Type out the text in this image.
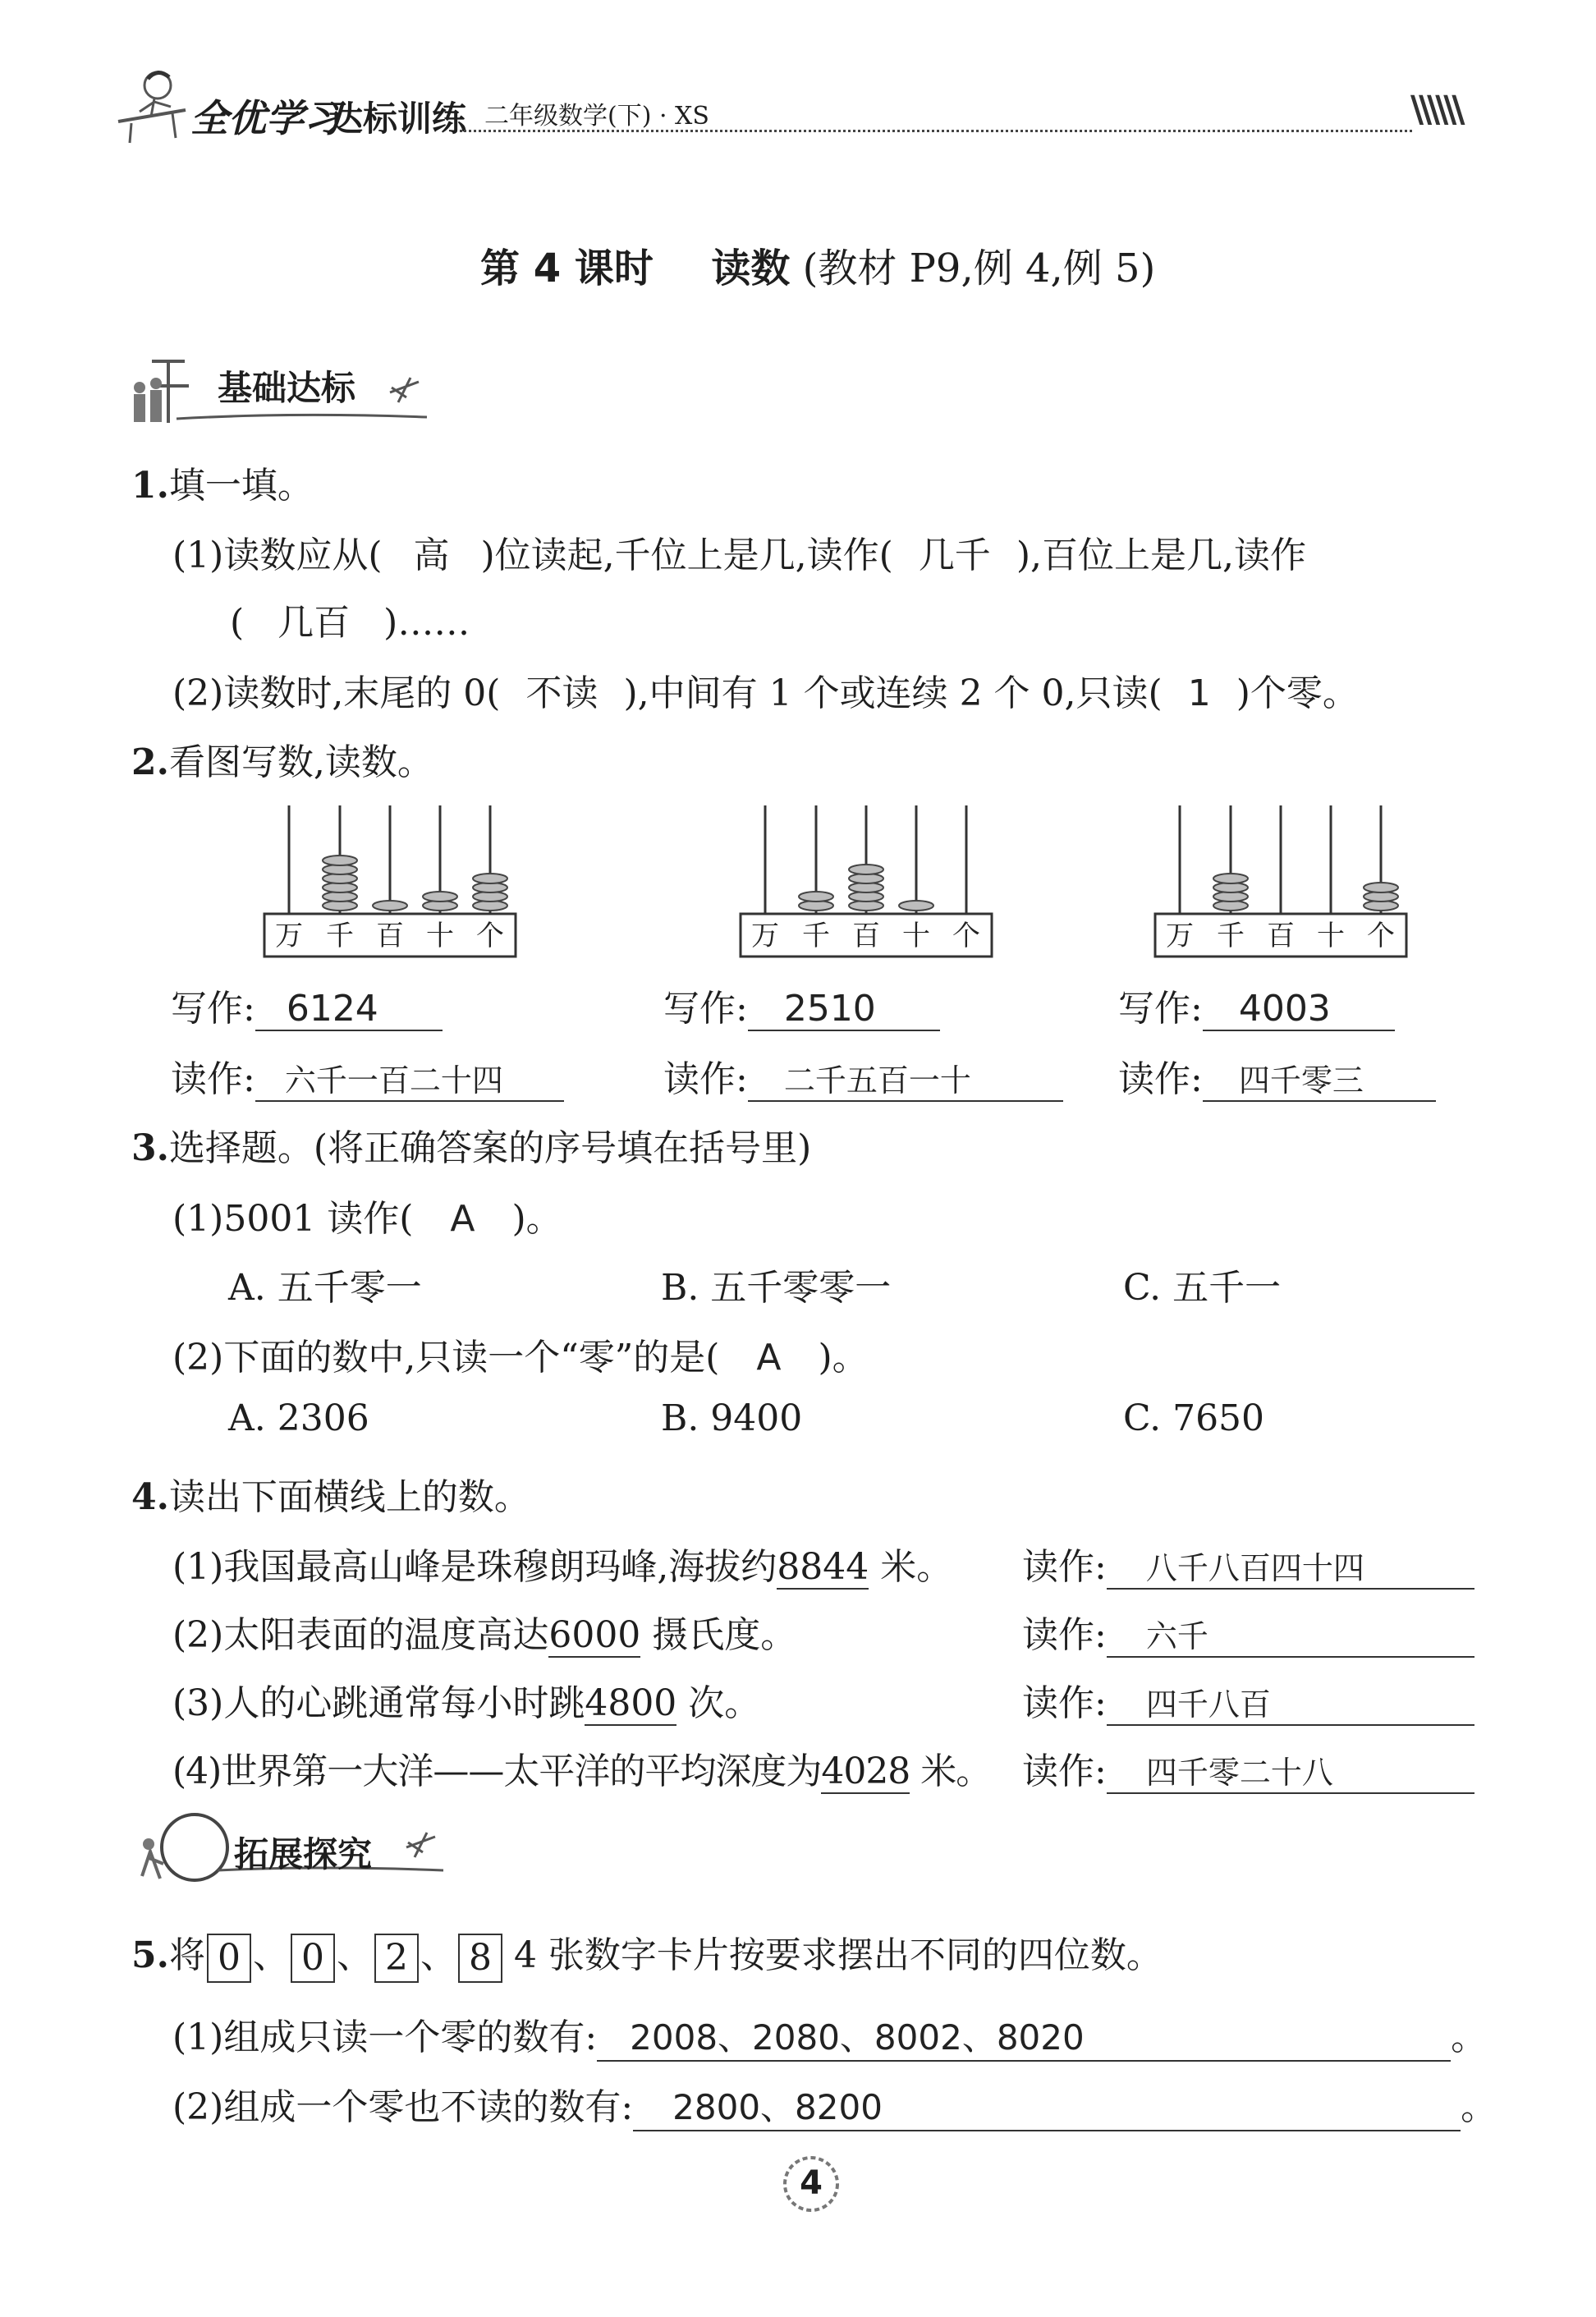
全优学习
达标训练 二年级数学(下) · XS	\\\\\\
第 4 课时 读数 (教材 P9,例 4,例 5)
基础达标
1.填一填。
(1)读数应从( 高 )位读起,千位上是几,读作( 几千 ),百位上是几,读作
( 几百 )……
(2)读数时,末尾的 0( 不读 ),中间有 1 个或连续 2 个 0,只读( 1 )个零。
2.看图写数,读数。
万 千 百 十 个	万 千 百 十 个	万 千 百 十 个
写作: 6124	写作: 2510	写作: 4003
读作: 六千一百二十四	读作: 二千五百一十	读作: 四千零三
3.选择题。(将正确答案的序号填在括号里)
(1)5001 读作( A )。
A. 五千零一	B. 五千零零一	C. 五千一
(2)下面的数中,只读一个“零”的是( A )。
A. 2306	B. 9400	C. 7650
4.读出下面横线上的数。
(1)我国最高山峰是珠穆朗玛峰,海拔约8844 米。 读作: 八千八百四十四
(2)太阳表面的温度高达6000 摄氏度。	读作: 六千
(3)人的心跳通常每小时跳4800 次。	读作: 四千八百
(4)世界第一大洋——太平洋的平均深度为4028 米。 读作: 四千零二十八
拓展探究
5.将 0 、 0 、 2 、 8 4 张数字卡片按要求摆出不同的四位数。
(1)组成只读一个零的数有: 2008、2080、8002、8020	。
(2)组成一个零也不读的数有: 2800、8200	。
4
